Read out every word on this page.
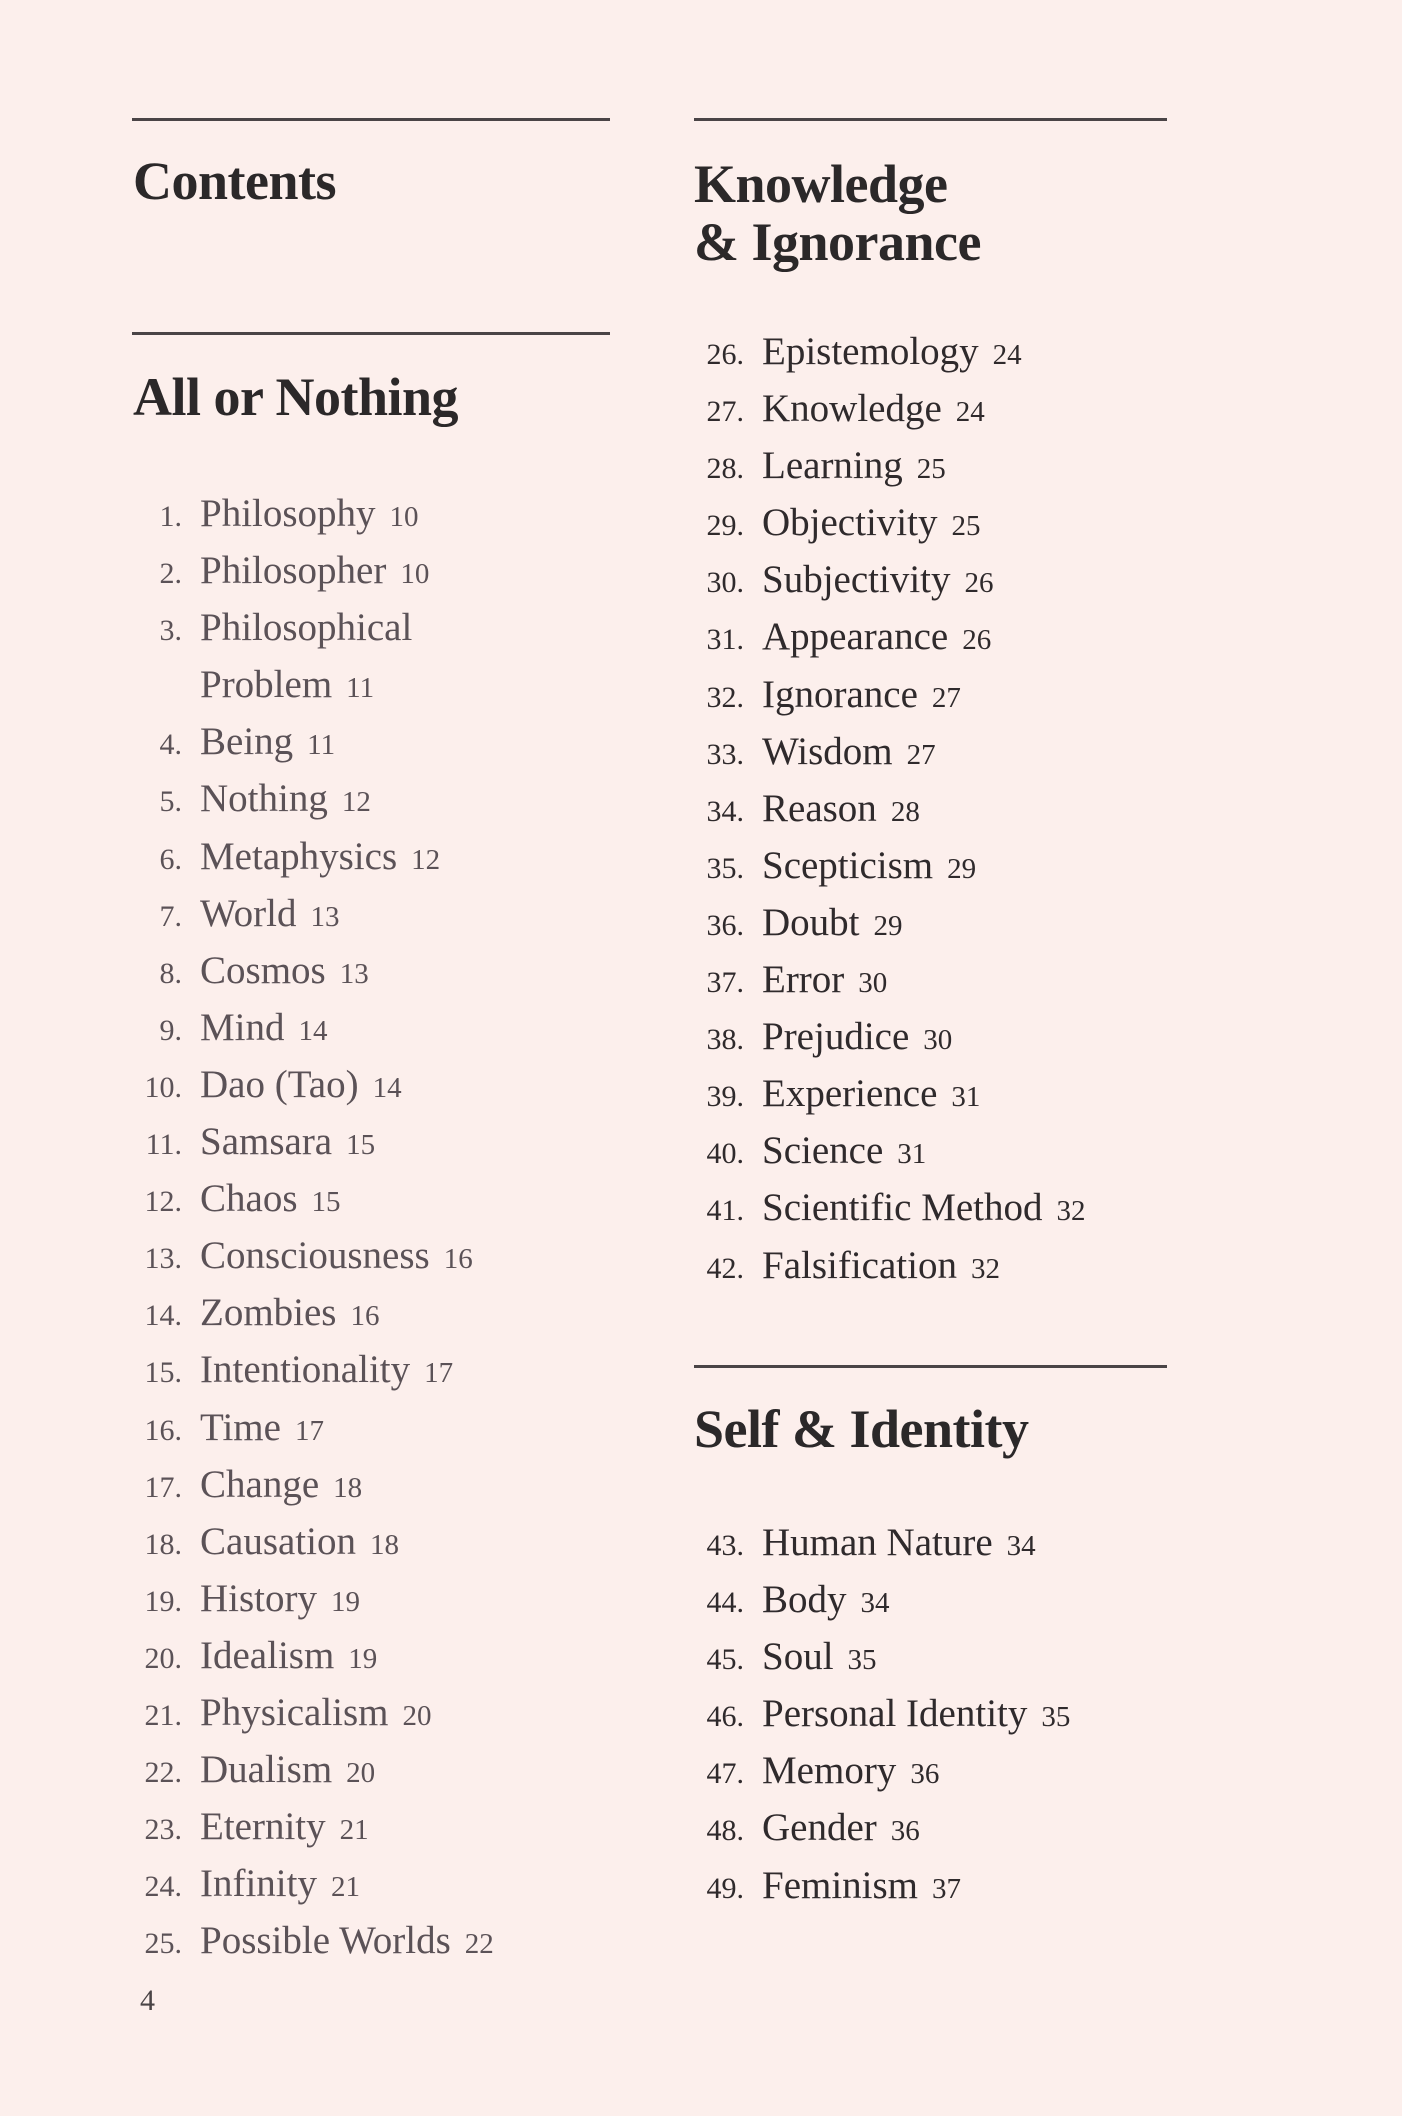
Contents
All or Nothing
1. Philosophy 10
2. Philosopher 10
3. Philosophical
Problem 11
4. Being 11
5. Nothing 12
6. Metaphysics 12
7. World 13
8. Cosmos 13
9. Mind 14
10. Dao (Tao) 14
11. Samsara 15
12. Chaos 15
13. Consciousness 16
14. Zombies 16
15. Intentionality 17
16. Time 17
17. Change 18
18. Causation 18
19. History 19
20. Idealism 19
21. Physicalism 20
22. Dualism 20
23. Eternity 21
24. Infinity 21
25. Possible Worlds 22
Knowledge
& Ignorance
26. Epistemology 24
27. Knowledge 24
28. Learning 25
29. Objectivity 25
30. Subjectivity 26
31. Appearance 26
32. Ignorance 27
33. Wisdom 27
34. Reason 28
35. Scepticism 29
36. Doubt 29
37. Error 30
38. Prejudice 30
39. Experience 31
40. Science 31
41. Scientific Method 32
42. Falsification 32
Self & Identity
43. Human Nature 34
44. Body 34
45. Soul 35
46. Personal Identity 35
47. Memory 36
48. Gender 36
49. Feminism 37
4
